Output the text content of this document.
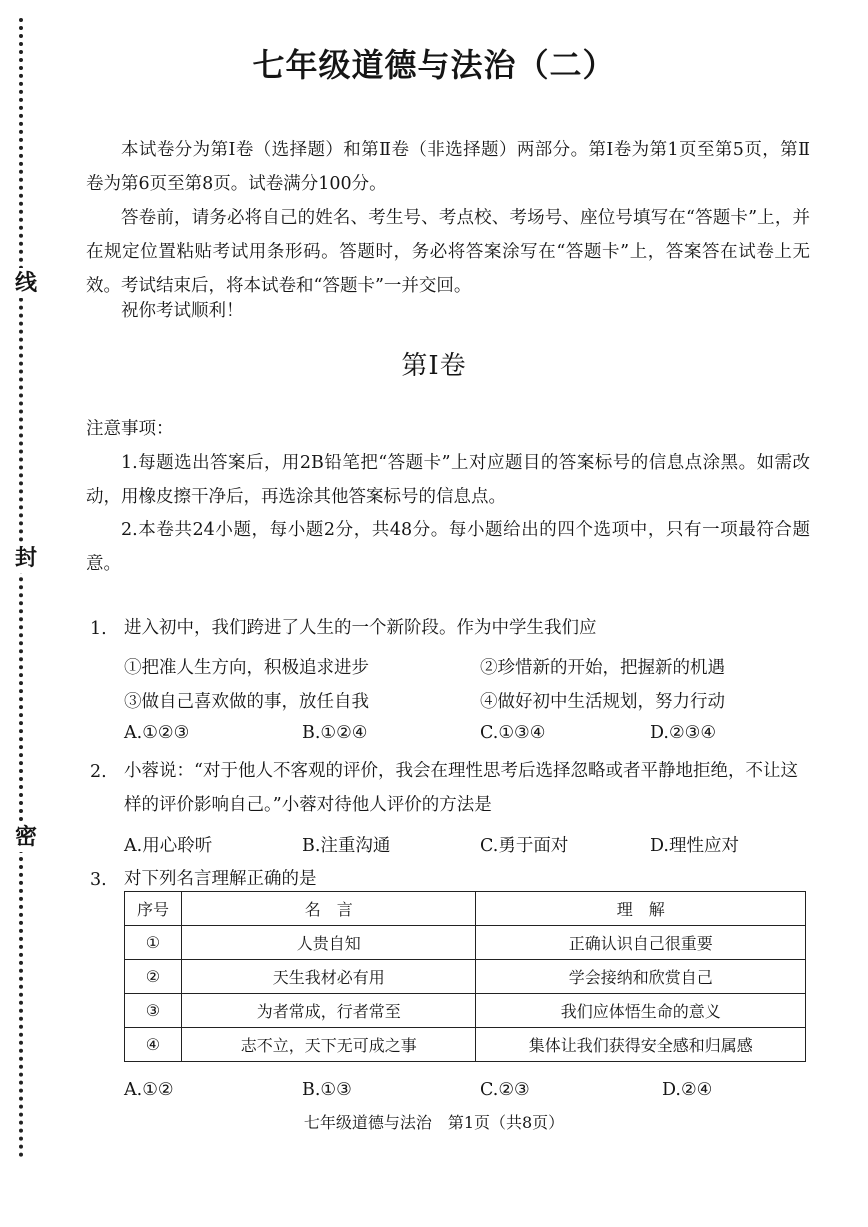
线
封
密
七年级道德与法治（二）
本试卷分为第Ⅰ卷（选择题）和第Ⅱ卷（非选择题）两部分。第Ⅰ卷为第1页至第5页，第Ⅱ卷为第6页至第8页。试卷满分100分。
答卷前，请务必将自己的姓名、考生号、考点校、考场号、座位号填写在“答题卡”上，并在规定位置粘贴考试用条形码。答题时，务必将答案涂写在“答题卡”上，答案答在试卷上无效。考试结束后，将本试卷和“答题卡”一并交回。
祝你考试顺利！
第Ⅰ卷
注意事项：
1.每题选出答案后，用2B铅笔把“答题卡”上对应题目的答案标号的信息点涂黑。如需改动，用橡皮擦干净后，再选涂其他答案标号的信息点。
2.本卷共24小题，每小题2分，共48分。每小题给出的四个选项中，只有一项最符合题意。
1. 进入初中，我们跨进了人生的一个新阶段。作为中学生我们应
①把准人生方向，积极追求进步	②珍惜新的开始，把握新的机遇
③做自己喜欢做的事，放任自我	④做好初中生活规划，努力行动
A.①②③	B.①②④	C.①③④	D.②③④
2. 小蓉说：“对于他人不客观的评价，我会在理性思考后选择忽略或者平静地拒绝，不让这样的评价影响自己。”小蓉对待他人评价的方法是
A.用心聆听	B.注重沟通	C.勇于面对	D.理性应对
3. 对下列名言理解正确的是
序号	名　言	理　解
①	人贵自知	正确认识自己很重要
②	天生我材必有用	学会接纳和欣赏自己
③	为者常成，行者常至	我们应体悟生命的意义
④	志不立，天下无可成之事	集体让我们获得安全感和归属感
A.①②	B.①③	C.②③	D.②④
七年级道德与法治　第1页（共8页）
